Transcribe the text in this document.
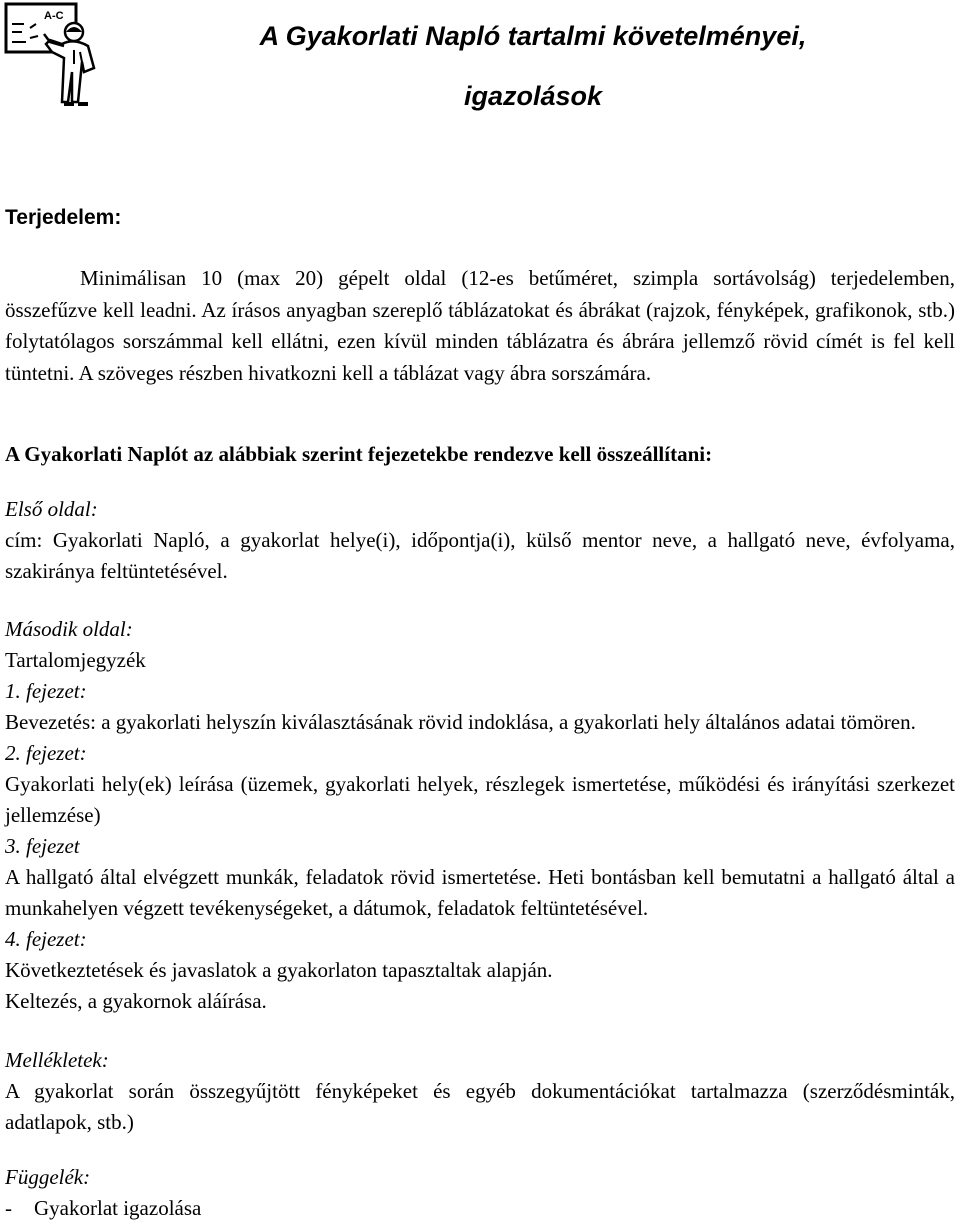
A-C
A Gyakorlati Napló tartalmi követelményei,
igazolások
Terjedelem:

Minimálisan 10 (max 20) gépelt oldal (12-es betűméret, szimpla sortávolság) terjedelemben, összefűzve kell leadni. Az írásos anyagban szereplő táblázatokat és ábrákat (rajzok, fényképek, grafikonok, stb.) folytatólagos sorszámmal kell ellátni, ezen kívül minden táblázatra és ábrára jellemző rövid címét is fel kell tüntetni. A szöveges részben hivatkozni kell a táblázat vagy ábra sorszámára.

A Gyakorlati Naplót az alábbiak szerint fejezetekbe rendezve kell összeállítani:

Első oldal:

cím: Gyakorlati Napló, a gyakorlat helye(i), időpontja(i), külső mentor neve, a hallgató neve, évfolyama, szakiránya feltüntetésével.

Második oldal:

Tartalomjegyzék

1. fejezet:

Bevezetés: a gyakorlati helyszín kiválasztásának rövid indoklása, a gyakorlati hely általános adatai tömören.

2. fejezet:

Gyakorlati hely(ek) leírása (üzemek, gyakorlati helyek, részlegek ismertetése, működési és irányítási szerkezet jellemzése)

3. fejezet

A hallgató által elvégzett munkák, feladatok rövid ismertetése. Heti bontásban kell bemutatni a hallgató által a munkahelyen végzett tevékenységeket, a dátumok, feladatok feltüntetésével.

4. fejezet:

Következtetések és javaslatok a gyakorlaton tapasztaltak alapján.

Keltezés, a gyakornok aláírása.

Mellékletek:

A gyakorlat során összegyűjtött fényképeket és egyéb dokumentációkat tartalmazza (szerződésminták, adatlapok, stb.)

Függelék:

- Gyakorlat igazolása
